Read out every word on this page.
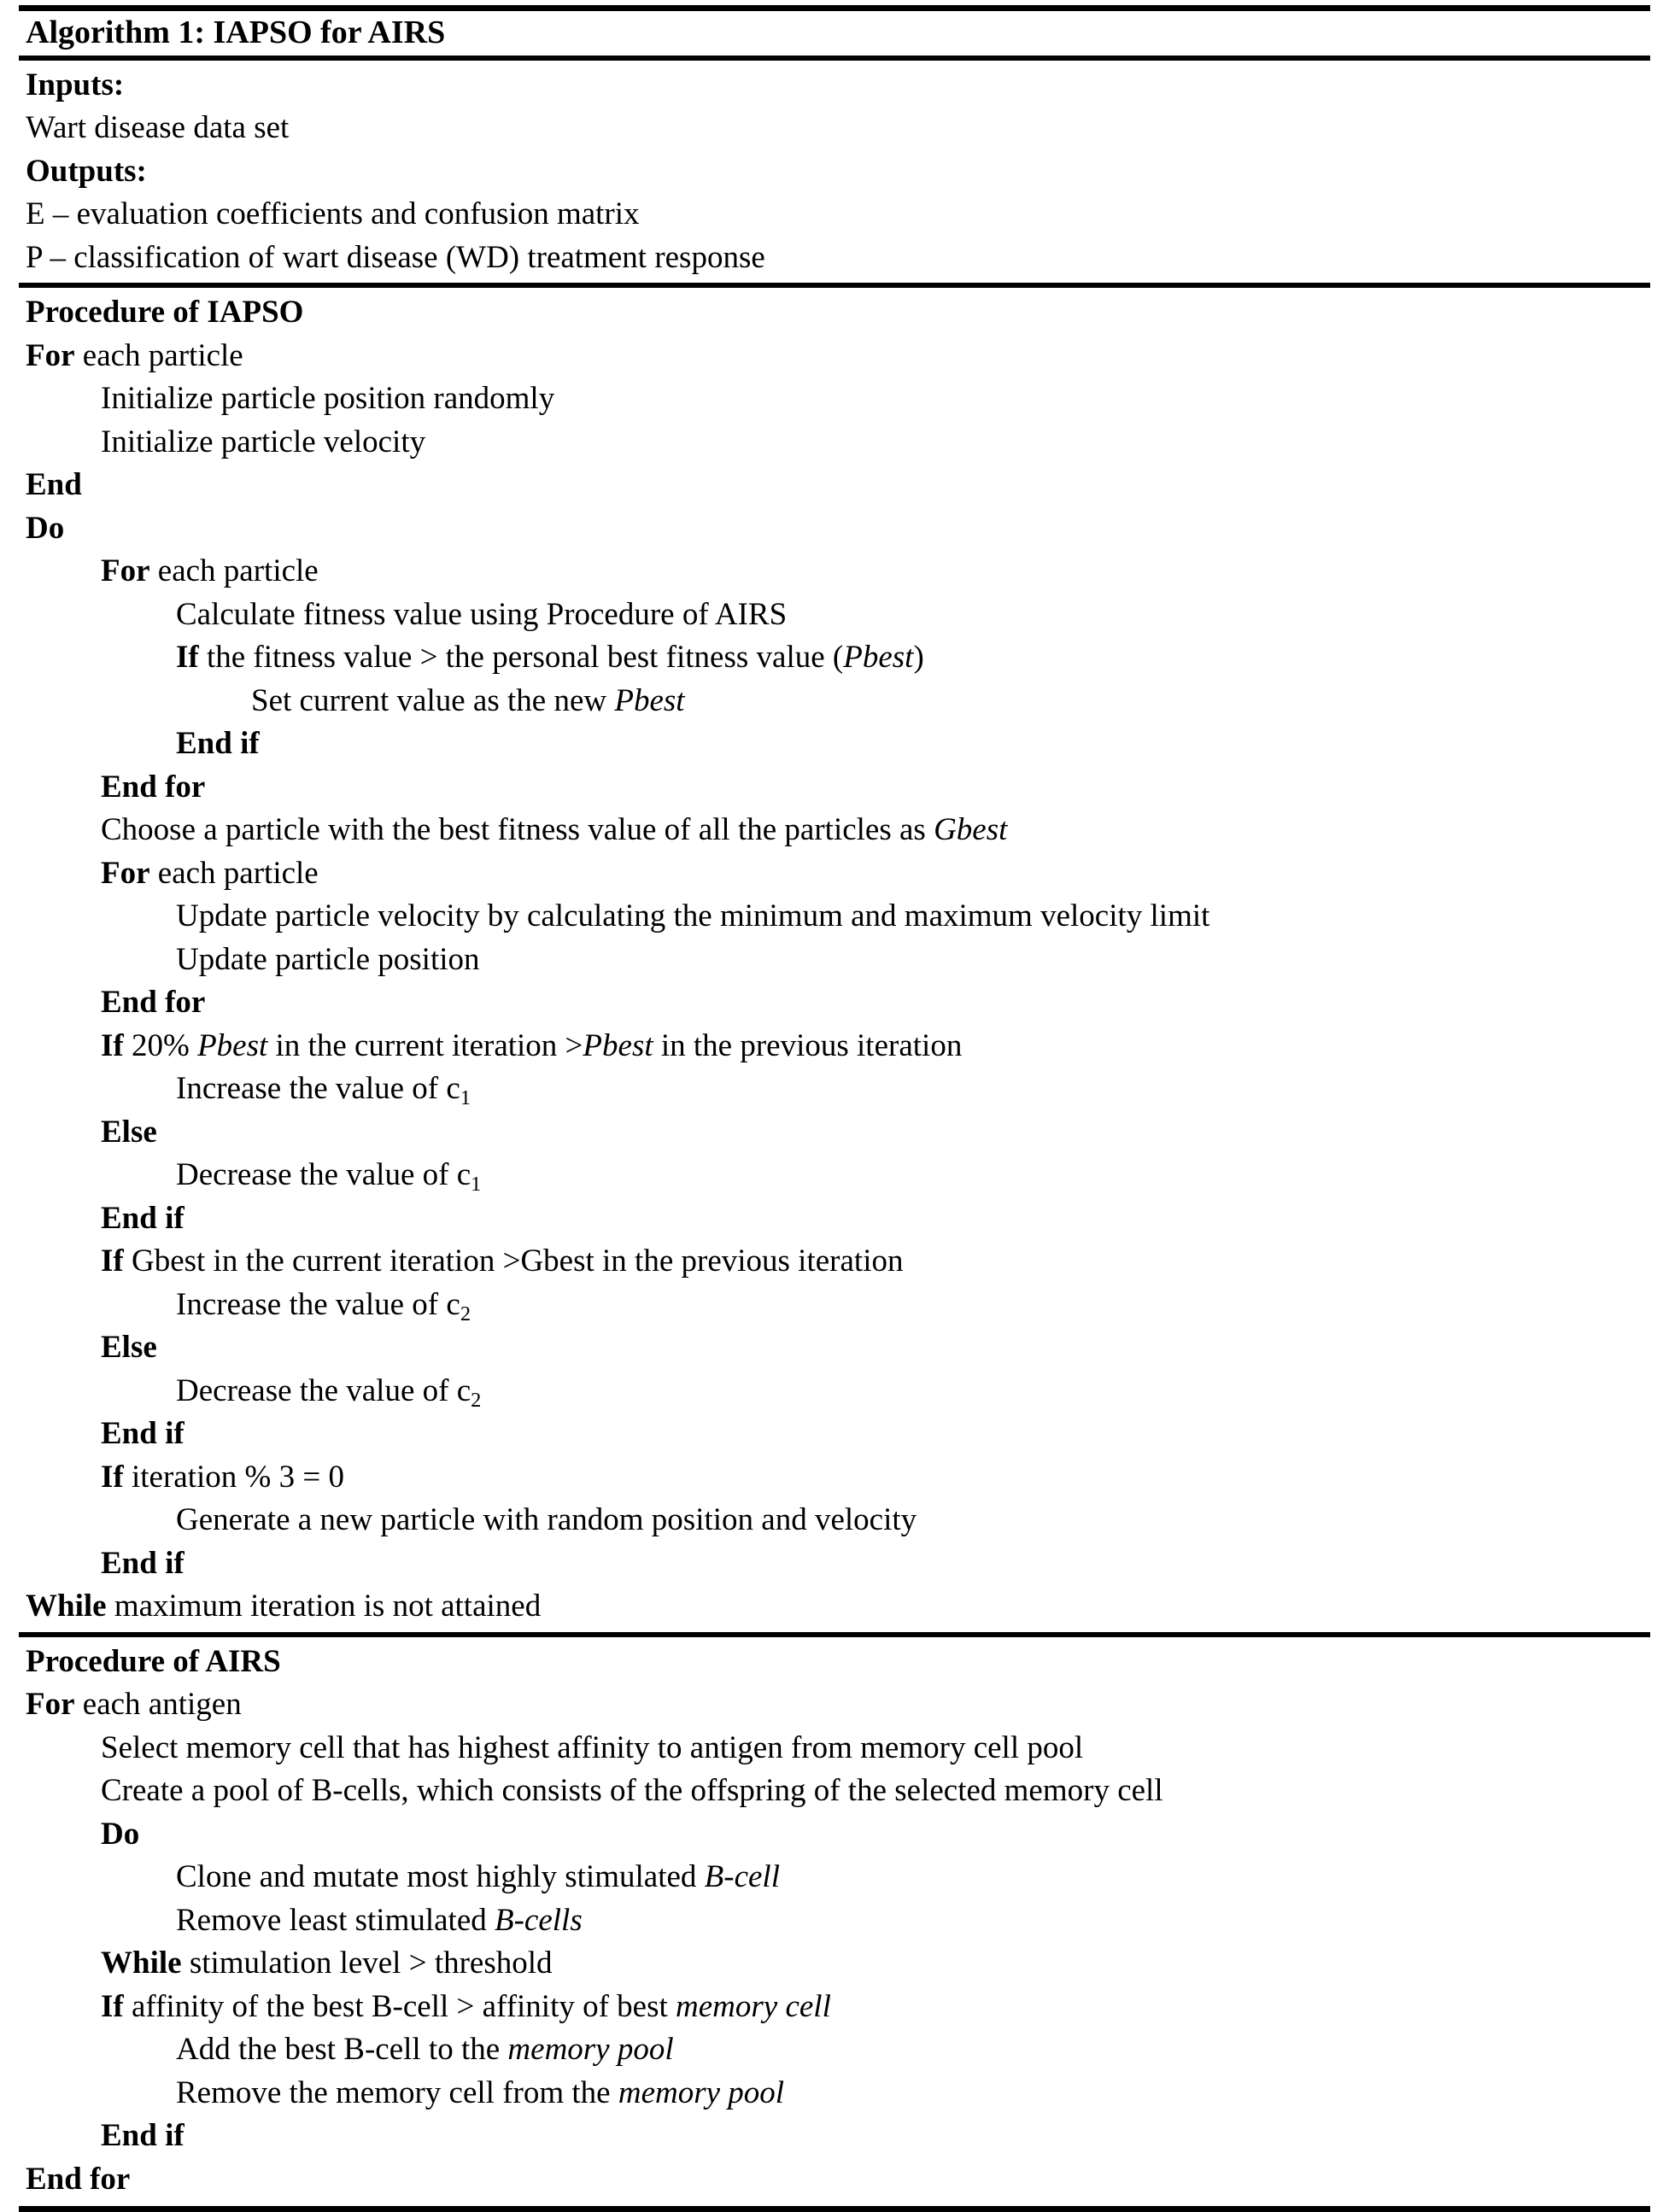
Algorithm 1: IAPSO for AIRS
Inputs:
Wart disease data set
Outputs:
E – evaluation coefficients and confusion matrix
P – classification of wart disease (WD) treatment response
Procedure of IAPSO
For each particle
Initialize particle position randomly
Initialize particle velocity
End
Do
For each particle
Calculate fitness value using Procedure of AIRS
If the fitness value > the personal best fitness value (Pbest)
Set current value as the new Pbest
End if
End for
Choose a particle with the best fitness value of all the particles as Gbest
For each particle
Update particle velocity by calculating the minimum and maximum velocity limit
Update particle position
End for
If 20% Pbest in the current iteration >Pbest in the previous iteration
Increase the value of $c_1$
Else
Decrease the value of $c_1$
End if
If Gbest in the current iteration >Gbest in the previous iteration
Increase the value of $c_2$
Else
Decrease the value of $c_2$
End if
If iteration % 3 = 0
Generate a new particle with random position and velocity
End if
While maximum iteration is not attained
Procedure of AIRS
For each antigen
Select memory cell that has highest affinity to antigen from memory cell pool
Create a pool of B-cells, which consists of the offspring of the selected memory cell
Do
Clone and mutate most highly stimulated B-cell
Remove least stimulated B-cells
While stimulation level > threshold
If affinity of the best B-cell > affinity of best memory cell
Add the best B-cell to the memory pool
Remove the memory cell from the memory pool
End if
End for
